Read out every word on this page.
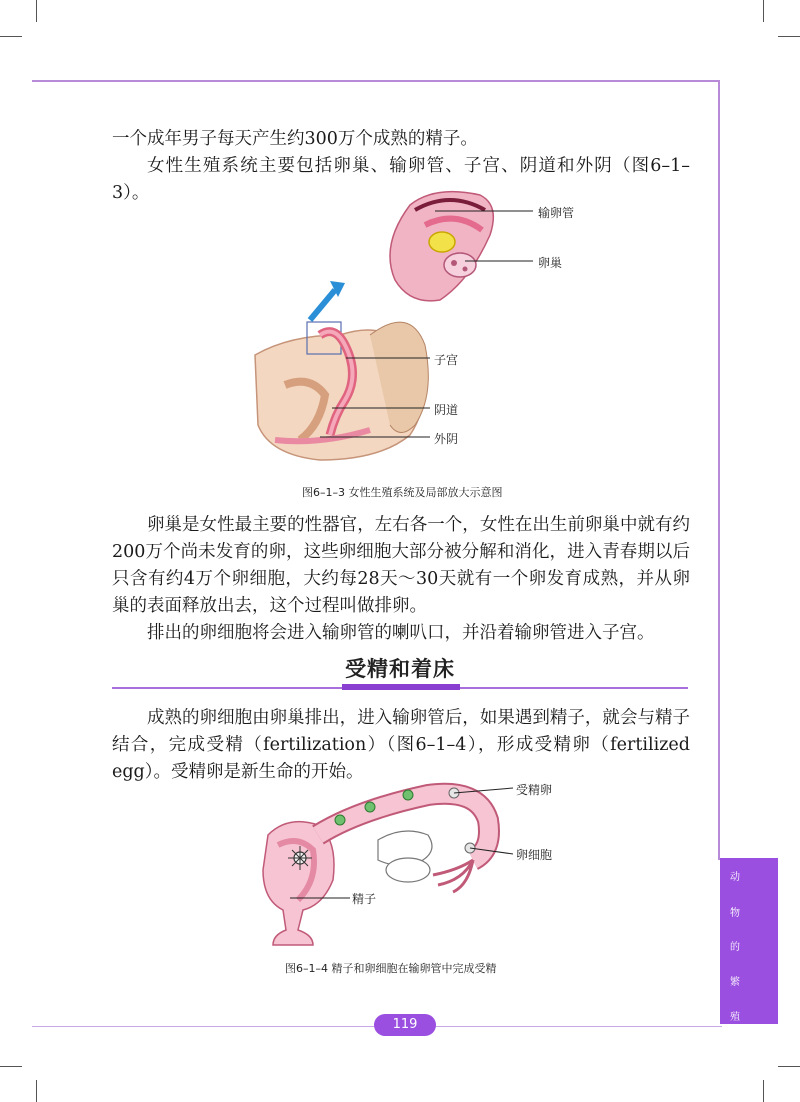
一个成年男子每天产生约300万个成熟的精子。

女性生殖系统主要包括卵巢、输卵管、子宫、阴道和外阴（图6–1–3）。

输卵管
卵巢
子宫
阴道
外阴
图6–1–3 女性生殖系统及局部放大示意图

卵巢是女性最主要的性器官，左右各一个，女性在出生前卵巢中就有约200万个尚未发育的卵，这些卵细胞大部分被分解和消化，进入青春期以后只含有约4万个卵细胞，大约每28天～30天就有一个卵发育成熟，并从卵巢的表面释放出去，这个过程叫做排卵。

排出的卵细胞将会进入输卵管的喇叭口，并沿着输卵管进入子宫。

受精和着床

成熟的卵细胞由卵巢排出，进入输卵管后，如果遇到精子，就会与精子结合，完成受精（fertilization）（图6–1–4），形成受精卵（fertilized egg）。受精卵是新生命的开始。

受精卵
卵细胞
精子
图6–1–4 精子和卵细胞在输卵管中完成受精
动
物
的
繁
殖
119
